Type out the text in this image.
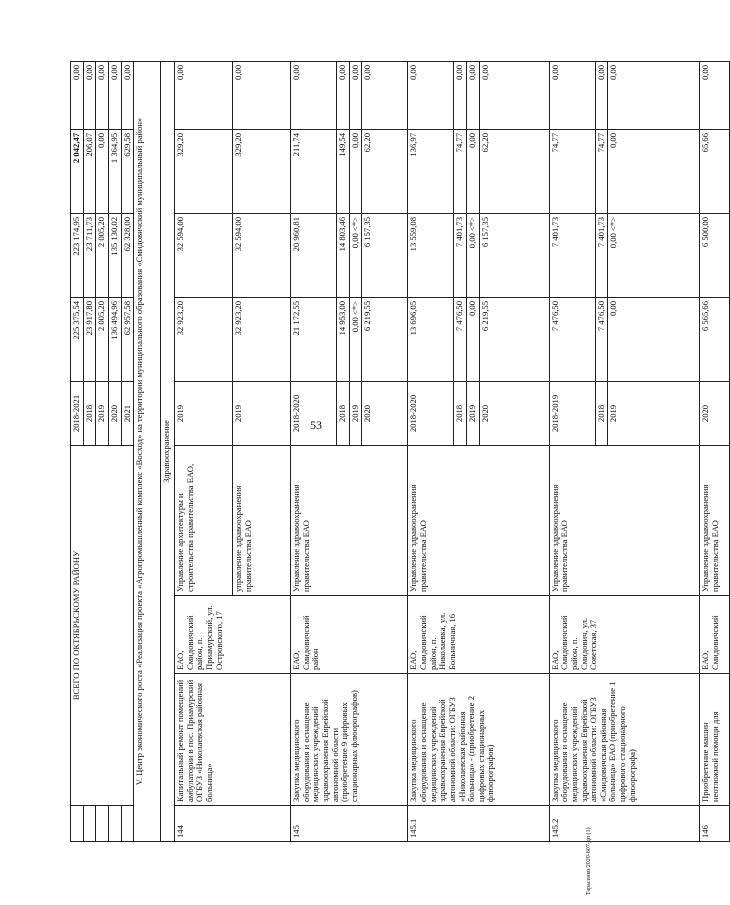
53
Тарасенко/2020-607-дп (1)
	ВСЕГО ПО ОКТЯБРЬСКОМУ РАЙОНУ			2018-2021	225 375,54	223 174,95	2 042,47	0,00
				2018	23 917,80	23 711,73	206,07	0,00
				2019	2 005,20	2 005,20	0,00	0,00
				2020	136 494,96	135 130,02	1 364,95	0,00
				2021	62 957,58	62 328,00	629,58	0,00
V. Центр экономического роста «Реализация проекта «Агропромышленный комплекс «Восход» на территории муниципального образования «Смидовичский муниципальный район»								
Здравоохранение								
144	Капитальный ремонт помещений амбулатории в пос. Приамурский ОГБУЗ «Николаевская районная больница»	ЕАО, Смидовичский район, п. Приамурский, ул. Островского, 17	Управление архитектуры и строительства правительства ЕАО,	2019	32 923,20	32 594,00	329,20	0,00
			управление здравоохранения правительства ЕАО	2019	32 923,20	32 594,00	329,20	0,00
145	Закупка медицинского оборудования и оснащение медицинских учреждений здравоохранения Еврейской автономной области (приобретение 9 цифровых стационарных флюорографов)	ЕАО, Смидовичский район	Управление здравоохранения правительства ЕАО	2018-2020	21 172,55	20 960,81	211,74	0,00
				2018	14 953,00	14 803,46	149,54	0,00
				2019	0,00 <*>	0,00 <*>	0,00	0,00
				2020	6 219,55	6 157,35	62,20	0,00
145.1	Закупка медицинского оборудования и оснащение медицинских учреждений здравоохранения Еврейской автономной области: ОГБУЗ «Николаевская районная больница» - (приобретение 2 цифровых стационарных флюорографов)	ЕАО, Смидовичский район, п. Николаевка, ул. Больничная, 16	Управление здравоохранения правительства ЕАО	2018-2020	13 696,05	13 559,08	136,97	0,00
				2018	7 476,50	7 401,73	74,77	0,00
				2019	0,00	0,00 <*>	0,00	0,00
				2020	6 219,55	6 157,35	62,20	0,00
145.2	Закупка медицинского оборудования и оснащение медицинских учреждений здравоохранения Еврейской автономной области: ОГБУЗ «Смидовичская районная больница» ЕАО (приобретение 1 цифрового стационарного флюорографа)	ЕАО, Смидовичский район, п. Смидович, ул. Советская, 37	Управление здравоохранения правительства ЕАО	2018-2019	7 476,50	7 401,73	74,77	0,00
				2018	7 476,50	7 401,73	74,77	0,00
				2019	0,00	0,00 <*>	0,00	0,00
146	Приобретение машин неотложной помощи для	ЕАО, Смидовичский	Управление здравоохранения правительства ЕАО	2020	6 565,66	6 500,00	65,66	0,00
